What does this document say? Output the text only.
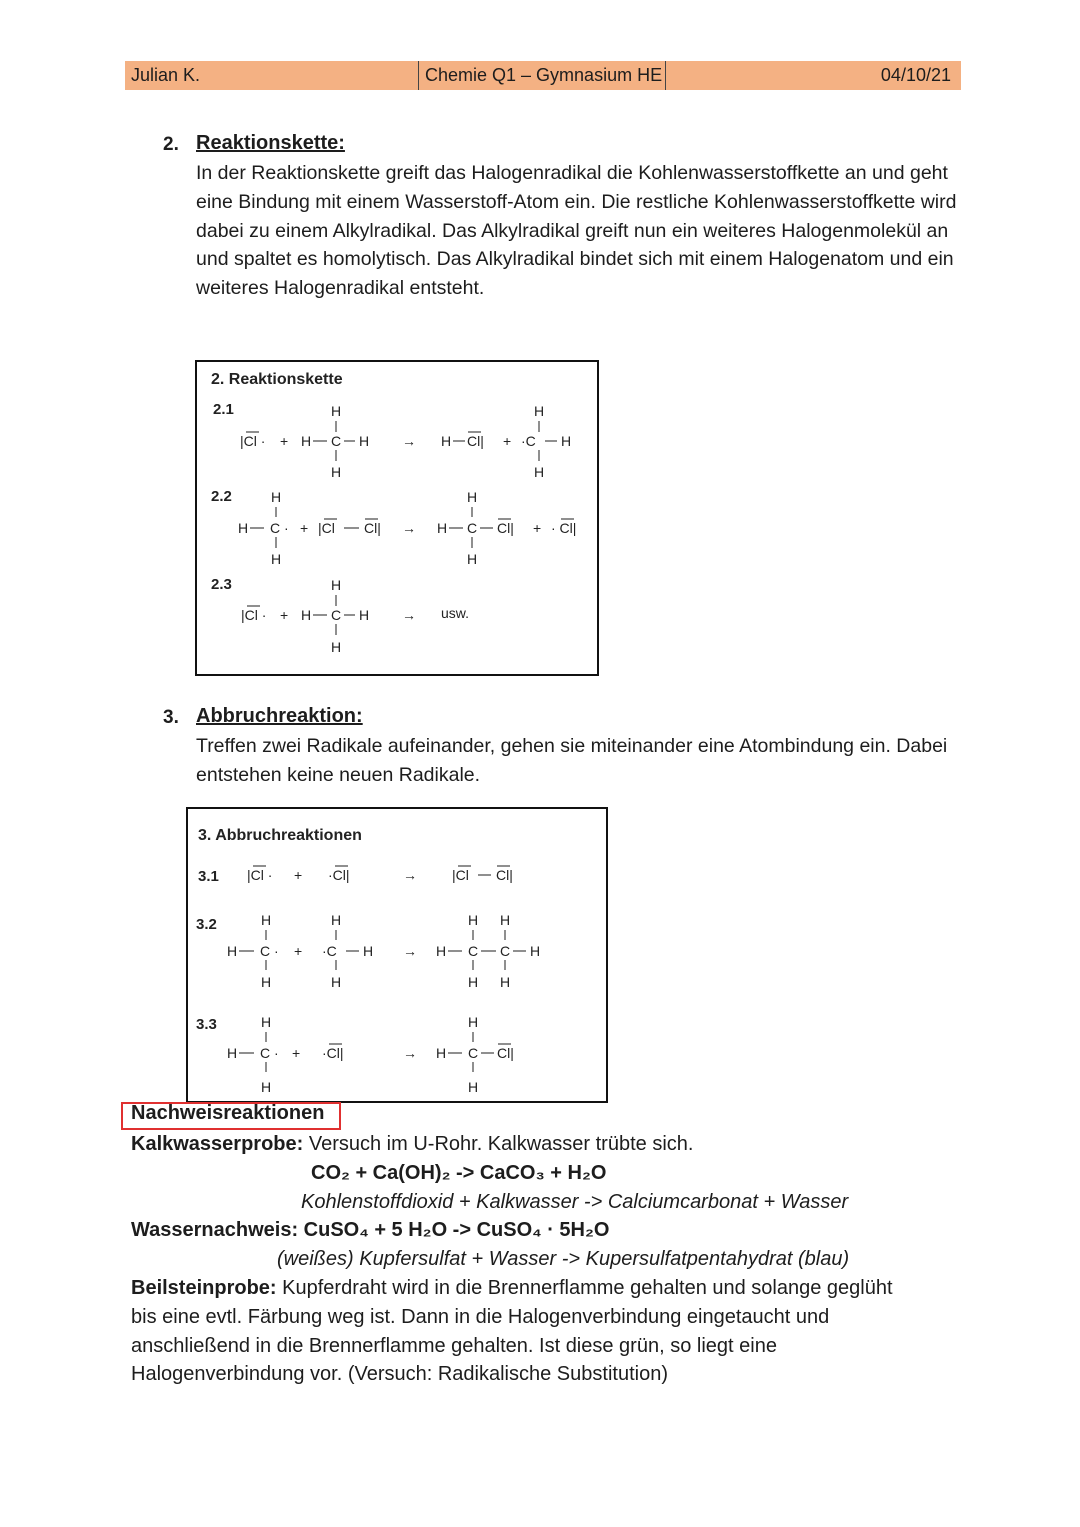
Julian K.	Chemie Q1 – Gymnasium HE	04/10/21
2. Reaktionskette:
In der Reaktionskette greift das Halogenradikal die Kohlenwasserstoffkette an und geht eine Bindung mit einem Wasserstoff-Atom ein. Die restliche Kohlenwasserstoffkette wird dabei zu einem Alkylradikal. Das Alkylradikal greift nun ein weiteres Halogenmolekül an und spaltet es homolytisch. Das Alkylradikal bindet sich mit einem Halogenatom und ein weiteres Halogenradikal entsteht.
2. Reaktionskette
2.1
2.2
2.3
|Cl · + H C H
H
H
→ H Cl| + ·C H
H
H
H
H C ·
H
+ |Cl Cl| → H C Cl|
H
H
+ · Cl|
|Cl · + H C H
H
H
→ usw.
3. Abbruchreaktion:
Treffen zwei Radikale aufeinander, gehen sie miteinander eine Atombindung ein. Dabei entstehen keine neuen Radikale.
3. Abbruchreaktionen
3.1
3.2
3.3
|Cl · + ·Cl|	→	|Cl Cl|
H
H C ·
H
+
H
·C H
H
→ H C C H
H H
H H
H
H C ·
H
+ ·Cl|	→ H C Cl|
H
H
Nachweisreaktionen
Kalkwasserprobe: Versuch im U-Rohr. Kalkwasser trübte sich.
CO₂ + Ca(OH)₂ -> CaCO₃ + H₂O
Kohlenstoffdioxid + Kalkwasser -> Calciumcarbonat + Wasser
Wassernachweis: CuSO₄ + 5 H₂O -> CuSO₄ · 5H₂O
(weißes) Kupfersulfat + Wasser -> Kupersulfatpentahydrat (blau)
Beilsteinprobe: Kupferdraht wird in die Brennerflamme gehalten und solange geglüht
bis eine evtl. Färbung weg ist. Dann in die Halogenverbindung eingetaucht und
anschließend in die Brennerflamme gehalten. Ist diese grün, so liegt eine
Halogenverbindung vor. (Versuch: Radikalische Substitution)
